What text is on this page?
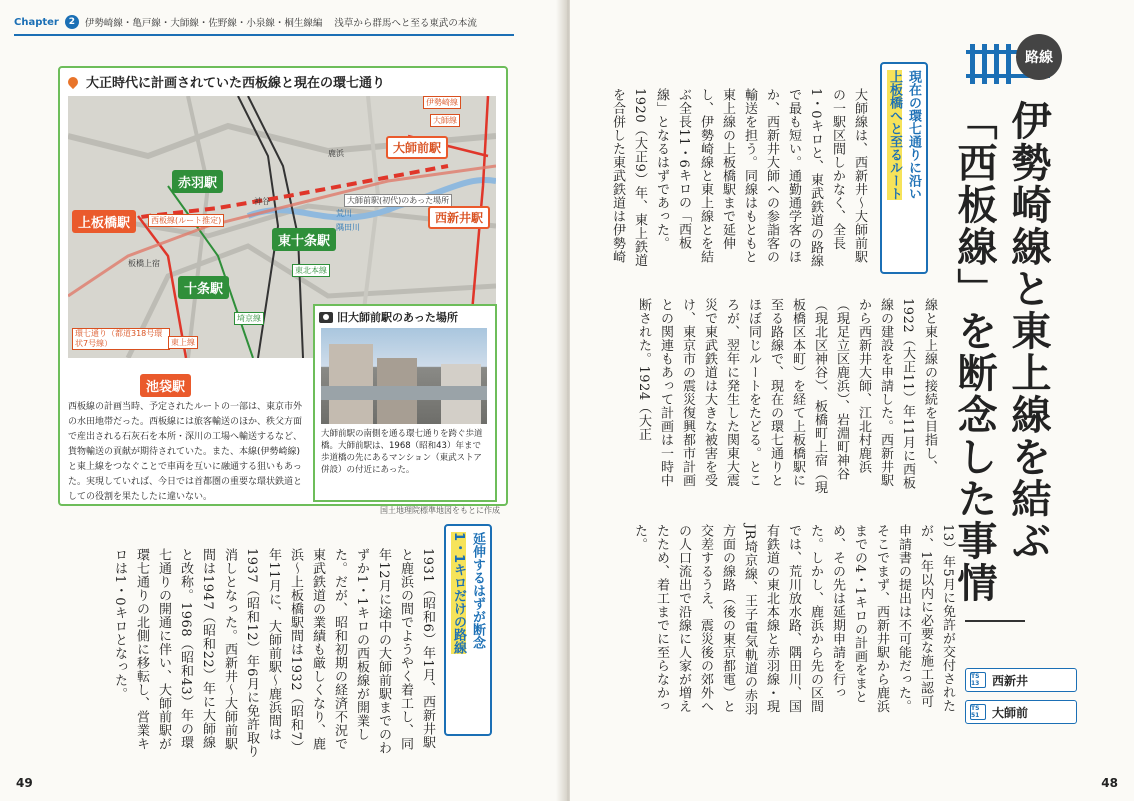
Chapter	2	伊勢崎線・亀戸線・大師線・佐野線・小泉線・桐生線編 浅草から群馬へと至る東武の本流
大正時代に計画されていた西板線と現在の環七通り
伊勢崎線
大師線
大師前駅
鹿浜
赤羽駅
大師前駅(初代)のあった場所
荒川	西新井駅
神谷
上板橋駅	西板線(ルート推定)
隅田川
東十条駅
板橋上宿
東北本線
十条駅
埼京線
環七通り（都道318号環状7号線）	東上線
池袋駅
西板線の計画当時、予定されたルートの一部は、東京市外の水田地帯だった。西板線には旅客輸送のほか、秩父方面で産出される石灰石を本所・深川の工場へ輸送するなど、貨物輸送の貢献が期待されていた。また、本線(伊勢崎線)と東上線をつなぐことで車両を互いに融通する狙いもあった。実現していれば、今日では首都圏の重要な環状鉄道としての役割を果たしたに違いない。
旧大師前駅のあった場所
大師前駅の南側を通る環七通りを跨ぐ歩道橋。大師前駅は、1968（昭和43）年まで歩道橋の先にあるマンション（東武ストア併設）の付近にあった。
国土地理院標準地図をもとに作成
延伸するはずが断念
1・1キロだけの路線
1931（昭和6）年1月、西新井駅と鹿浜の間でようやく着工し、同年12月に途中の大師前駅までのわずか1・1キロの西板線が開業した。だが、昭和初期の経済不況で東武鉄道の業績も厳しくなり、鹿浜～上板橋駅間は1932（昭和7）年11月に、大師前駅～鹿浜間は1937（昭和12）年6月に免許取り消しとなった。西新井～大師前駅間は1947（昭和22）年に大師線と改称。1968（昭和43）年の環七通りの開通に伴い、大師前駅が環七通りの北側に移転し、営業キロは1・0キロとなった。
49
路線
伊勢崎線と東上線を結ぶ
「西板線」を断念した事情
TS 13	西新井
TS 51	大師前
現在の環七通りに沿い
上板橋へと至るルート
大師線は、西新井～大師前駅の一駅区間しかなく、全長1・0キロと、東武鉄道の路線で最も短い。通勤通学客のほか、西新井大師への参詣客の輸送を担う。同線はもともと東上線の上板橋駅まで延伸し、伊勢崎線と東上線とを結ぶ全長11・6キロの「西板線」となるはずであった。1920（大正9）年、東上鉄道を合併した東武鉄道は伊勢崎
線と東上線の接続を目指し、1922（大正11）年11月に西板線の建設を申請した。西新井駅から西新井大師、江北村鹿浜（現足立区鹿浜）、岩淵町神谷（現北区神谷）、板橋町上宿（現板橋区本町）を経て上板橋駅に至る路線で、現在の環七通りとほぼ同じルートをたどる。ところが、翌年に発生した関東大震災で東武鉄道は大きな被害を受け、東京市の震災復興都市計画との関連もあって計画は一時中断された。1924（大正
13）年5月に免許が交付されたが、1年以内に必要な施工認可申請書の提出は不可能だった。そこでまず、西新井駅から鹿浜までの4・1キロの計画をまとめ、その先は延期申請を行った。しかし、鹿浜から先の区間では、荒川放水路、隅田川、国有鉄道の東北本線と赤羽線・現JR埼京線、王子電気軌道の赤羽方面の線路（後の東京都電）と交差するうえ、震災後の郊外への人口流出で沿線に人家が増えたため、着工までに至らなかった。
48
